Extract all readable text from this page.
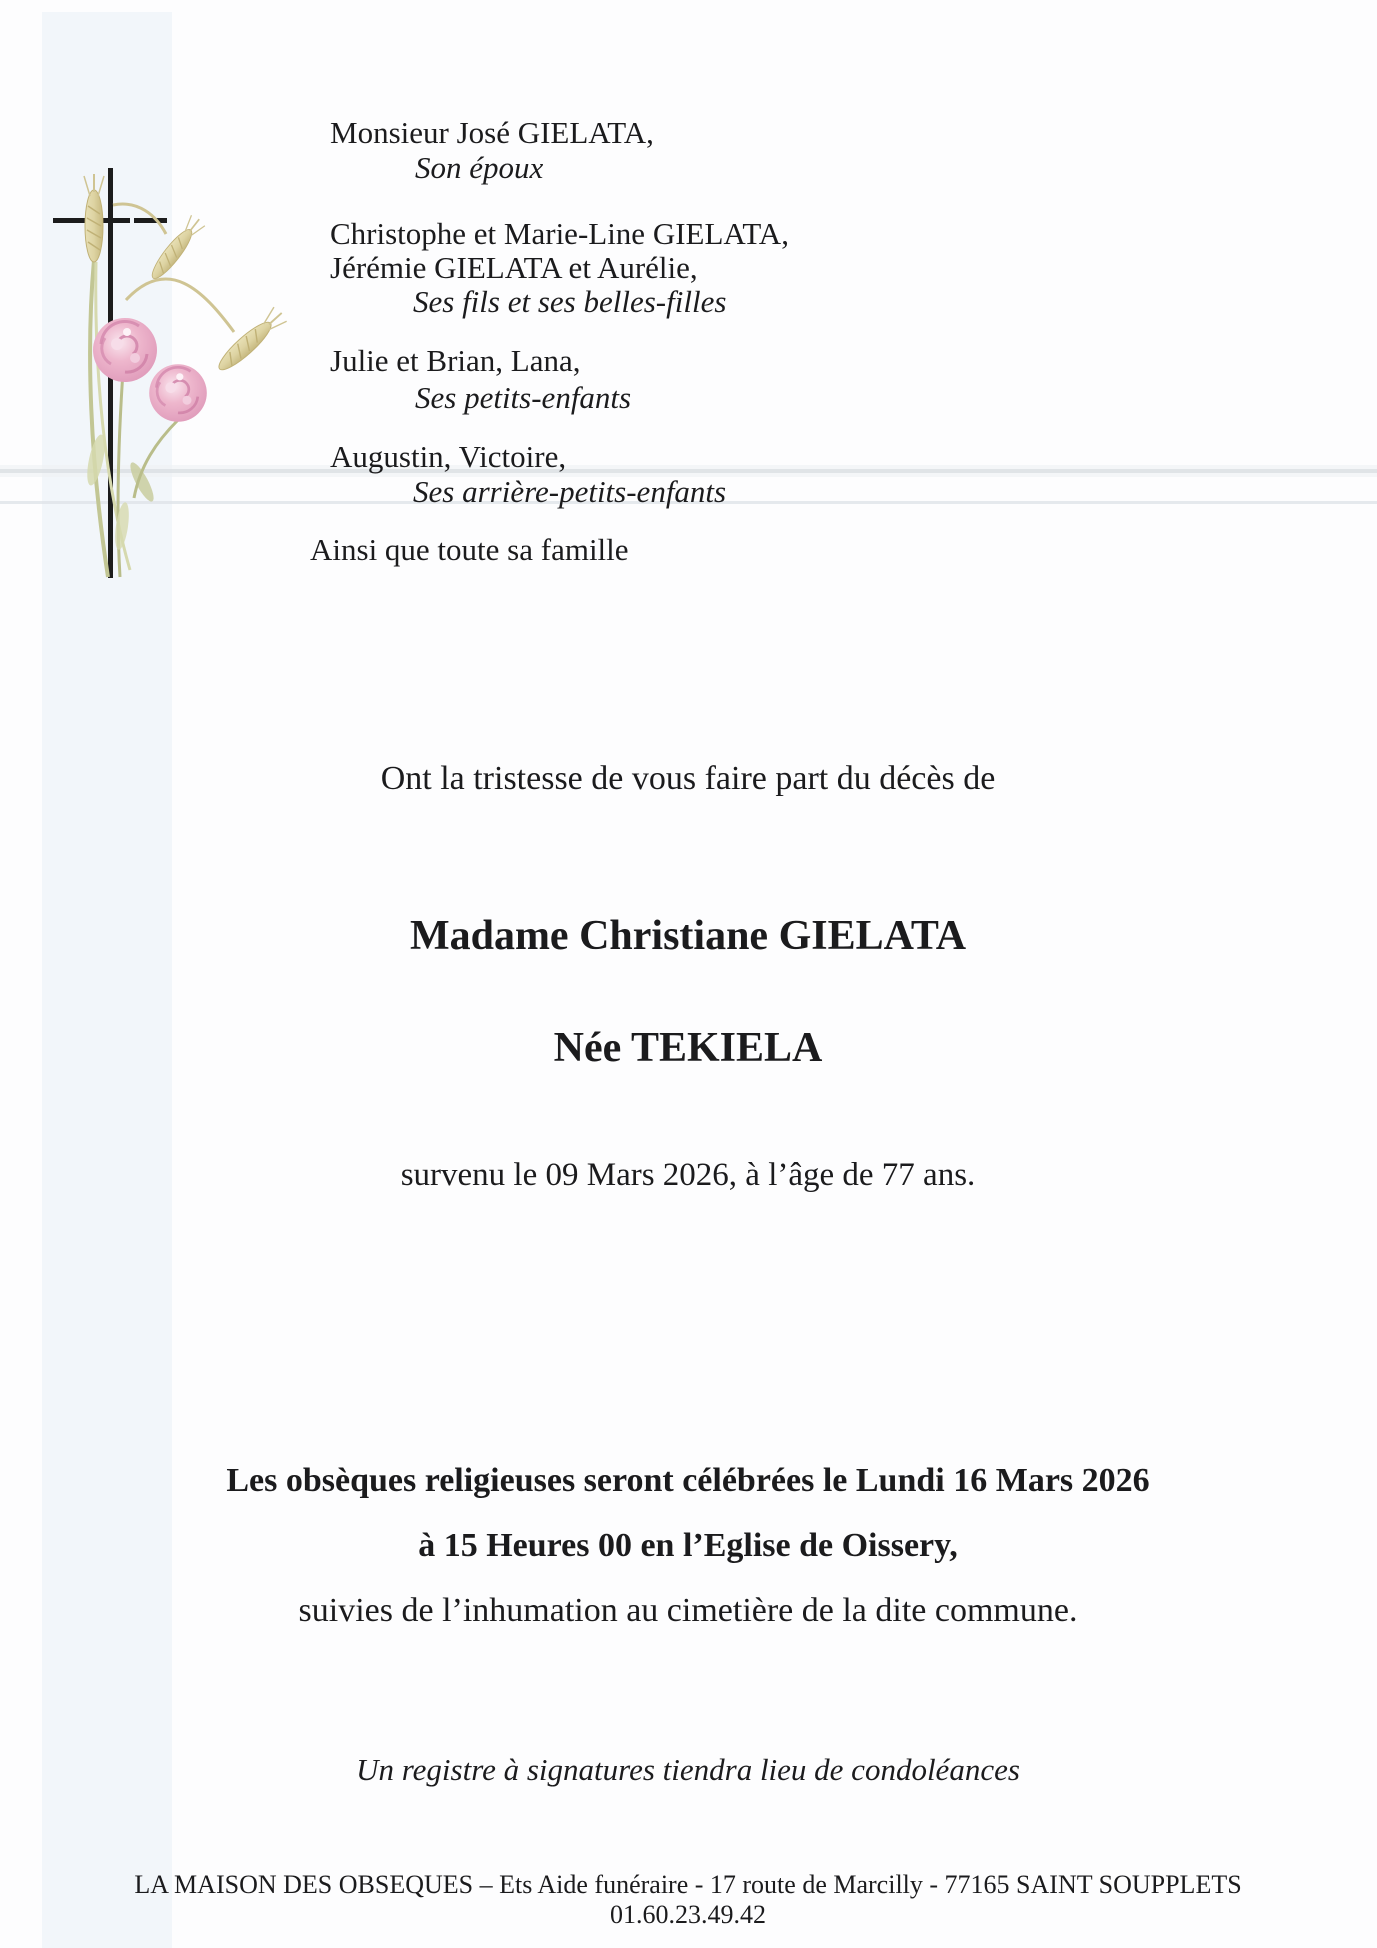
Monsieur José GIELATA,
Son époux
Christophe et Marie-Line GIELATA,
Jérémie GIELATA et Aurélie,
Ses fils et ses belles-filles
Julie et Brian, Lana,
Ses petits-enfants
Augustin, Victoire,
Ses arrière-petits-enfants
Ainsi que toute sa famille
Ont la tristesse de vous faire part du décès de
Madame Christiane GIELATA
Née TEKIELA
survenu le 09 Mars 2026, à l’âge de 77 ans.
Les obsèques religieuses seront célébrées le Lundi 16 Mars 2026
à 15 Heures 00 en l’Eglise de Oissery,
suivies de l’inhumation au cimetière de la dite commune.
Un registre à signatures tiendra lieu de condoléances
LA MAISON DES OBSEQUES – Ets Aide funéraire - 17 route de Marcilly - 77165 SAINT SOUPPLETS
01.60.23.49.42
